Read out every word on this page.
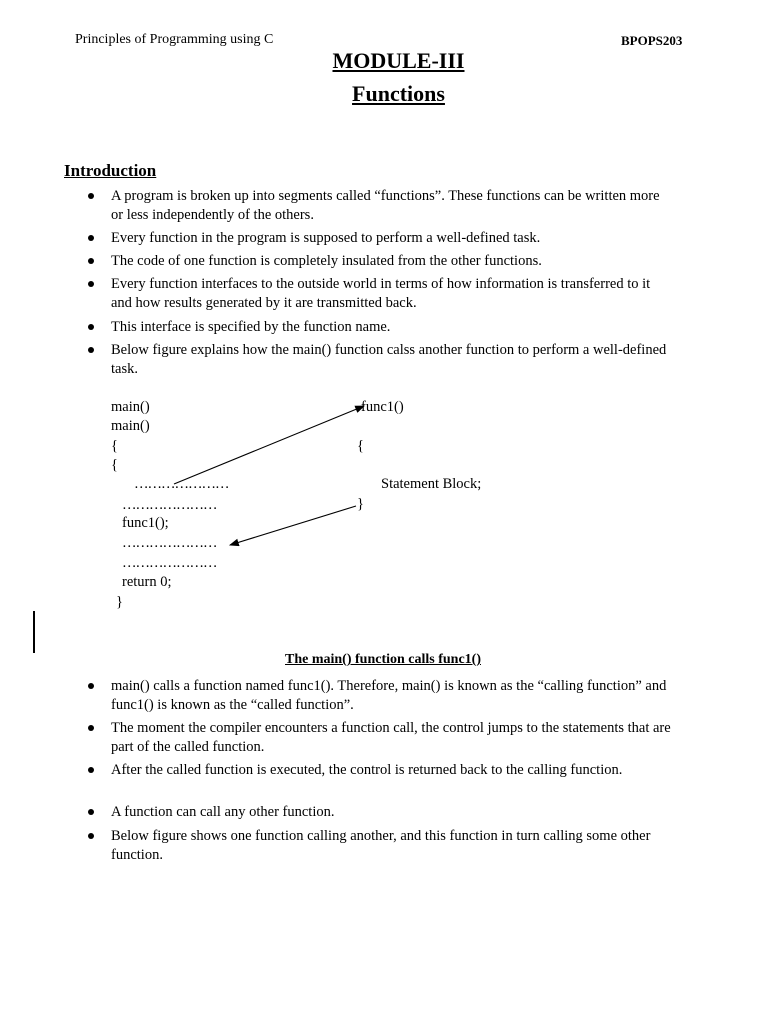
Principles of Programming using C	BPOPS203
MODULE-III
Functions
Introduction
A program is broken up into segments called “functions”. These functions can be written more or less independently of the others.
Every function in the program is supposed to perform a well-defined task.
The code of one function is completely insulated from the other functions.
Every function interfaces to the outside world in terms of how information is transferred to it and how results generated by it are transmitted back.
This interface is specified by the function name.
Below figure explains how the main() function calss another function to perform a well-defined task.
main()
main()
{
{
…………………
…………………
func1();
…………………
…………………
return 0;
}
func1()
{
Statement Block;
}
The main() function calls func1()
main() calls a function named func1(). Therefore, main() is known as the “calling function” and func1() is known as the “called function”.
The moment the compiler encounters a function call, the control jumps to the statements that are part of the called function.
After the called function is executed, the control is returned back to the calling function.
A function can call any other function.
Below figure shows one function calling another, and this function in turn calling some other function.
